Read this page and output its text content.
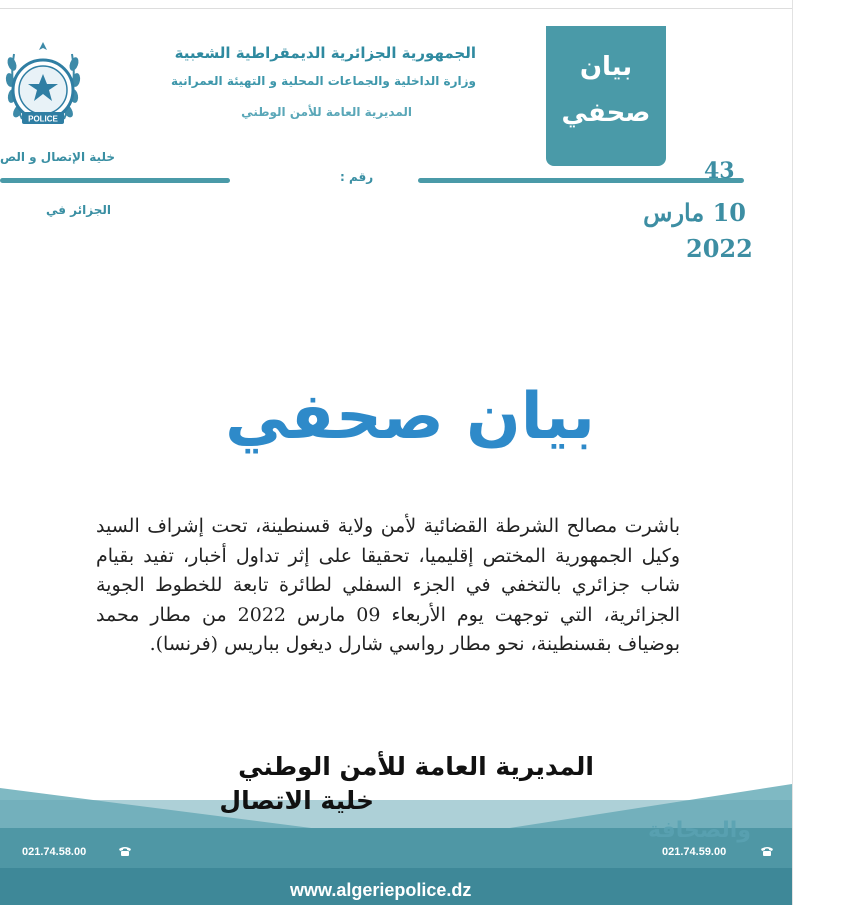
POLICE
الجمهورية الجزائرية الديمقراطية الشعبية
وزارة الداخلية والجماعات المحلية و التهيئة العمرانية
المديرية العامة للأمن الوطني
خلية الإتصال و الص
بيان
صحفي
رقم :	43
الجزائر في	10 مارس
2022
بيان صحفي
باشرت مصالح الشرطة القضائية لأمن ولاية قسنطينة، تحت إشراف السيد وكيل الجمهورية المختص إقليميا، تحقيقا على إثر تداول أخبار، تفيد بقيام شاب جزائري بالتخفي في الجزء السفلي لطائرة تابعة للخطوط الجوية الجزائرية، التي توجهت يوم الأربعاء 09 مارس 2022 من مطار محمد بوضياف بقسنطينة، نحو مطار رواسي شارل ديغول بباريس (فرنسا).
المديرية العامة للأمن الوطني
خلية الاتصال
والصحافة
021.74.58.00	021.74.59.00
www.algeriepolice.dz
